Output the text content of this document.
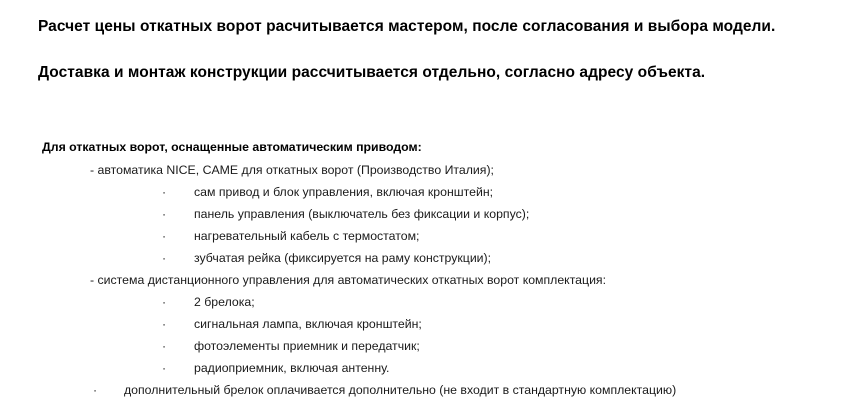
Расчет цены откатных ворот расчитывается мастером, после согласования и выбора модели.

Доставка и монтаж конструкции рассчитывается отдельно, согласно адресу объекта.

Для откатных ворот, оснащенные автоматическим приводом:
- автоматика NICE, CAME для откатных ворот (Производство Италия);
· сам привод и блок управления, включая кронштейн;
· панель управления (выключатель без фиксации и корпус);
· нагревательный кабель с термостатом;
· зубчатая рейка (фиксируется на раму конструкции);
- система дистанционного управления для автоматических откатных ворот комплектация:
· 2 брелока;
· сигнальная лампа, включая кронштейн;
· фотоэлементы приемник и передатчик;
· радиоприемник, включая антенну.
· дополнительный брелок оплачивается дополнительно (не входит в стандартную комплектацию)
